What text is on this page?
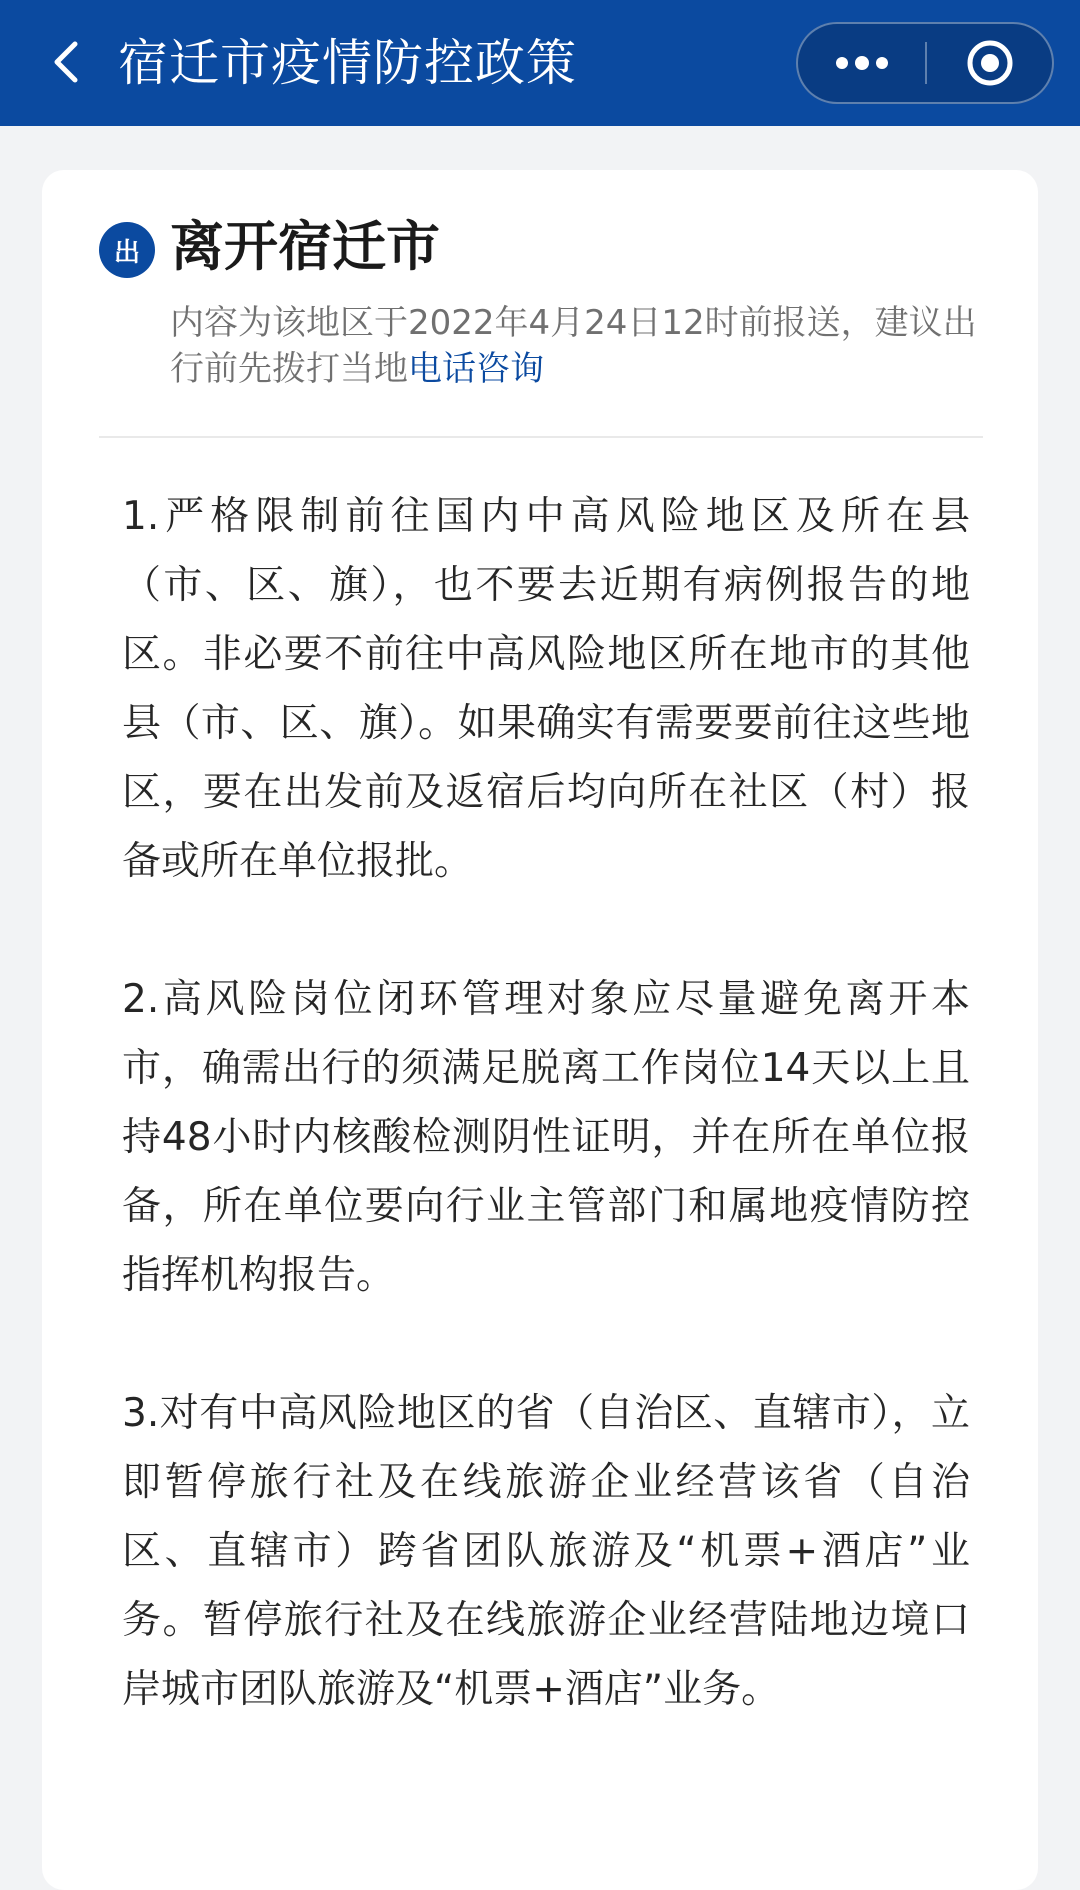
宿迁市疫情防控政策
出 离开宿迁市
内容为该地区于2022年4月24日12时前报送，建议出行前先拨打当地电话咨询

1.严格限制前往国内中高风险地区及所在县（市、区、旗），也不要去近期有病例报告的地区。非必要不前往中高风险地区所在地市的其他县（市、区、旗）。如果确实有需要要前往这些地区，要在出发前及返宿后均向所在社区（村）报备或所在单位报批。

2.高风险岗位闭环管理对象应尽量避免离开本市，确需出行的须满足脱离工作岗位14天以上且持48小时内核酸检测阴性证明，并在所在单位报备，所在单位要向行业主管部门和属地疫情防控指挥机构报告。

3.对有中高风险地区的省（自治区、直辖市），立即暂停旅行社及在线旅游企业经营该省（自治区、直辖市）跨省团队旅游及“机票+酒店”业务。暂停旅行社及在线旅游企业经营陆地边境口岸城市团队旅游及“机票+酒店”业务。
